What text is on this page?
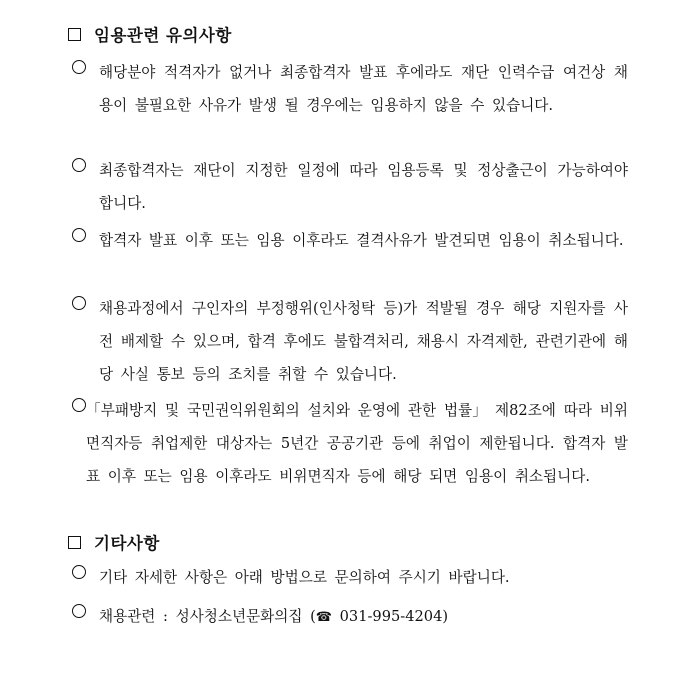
임용관련 유의사항
해당분야 적격자가 없거나 최종합격자 발표 후에라도 재단 인력수급 여건상 채용이 불필요한 사유가 발생 될 경우에는 임용하지 않을 수 있습니다.
최종합격자는 재단이 지정한 일정에 따라 임용등록 및 정상출근이 가능하여야 합니다.
합격자 발표 이후 또는 임용 이후라도 결격사유가 발견되면 임용이 취소됩니다.
채용과정에서 구인자의 부정행위(인사청탁 등)가 적발될 경우 해당 지원자를 사전 배제할 수 있으며, 합격 후에도 불합격처리, 채용시 자격제한, 관련기관에 해당 사실 통보 등의 조치를 취할 수 있습니다.
「부패방지 및 국민권익위원회의 설치와 운영에 관한 법률」 제82조에 따라 비위면직자등 취업제한 대상자는 5년간 공공기관 등에 취업이 제한됩니다. 합격자 발표 이후 또는 임용 이후라도 비위면직자 등에 해당 되면 임용이 취소됩니다.
기타사항
기타 자세한 사항은 아래 방법으로 문의하여 주시기 바랍니다.
채용관련 : 성사청소년문화의집 (☎ 031-995-4204)
